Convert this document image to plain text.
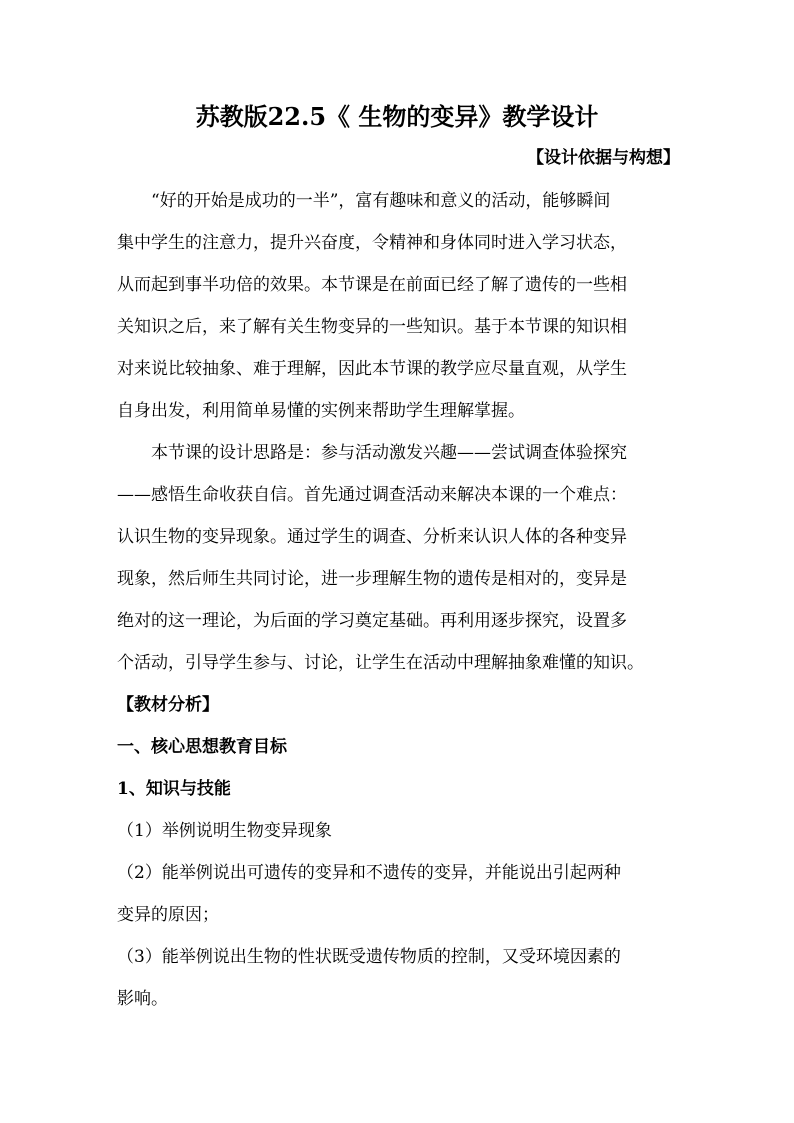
苏教版22.5《 生物的变异》教学设计
【设计依据与构想】
“好的开始是成功的一半”，富有趣味和意义的活动，能够瞬间
集中学生的注意力，提升兴奋度，令精神和身体同时进入学习状态，
从而起到事半功倍的效果。本节课是在前面已经了解了遗传的一些相
关知识之后，来了解有关生物变异的一些知识。基于本节课的知识相
对来说比较抽象、难于理解，因此本节课的教学应尽量直观，从学生
自身出发，利用简单易懂的实例来帮助学生理解掌握。
本节课的设计思路是：参与活动激发兴趣——尝试调查体验探究
——感悟生命收获自信。首先通过调查活动来解决本课的一个难点：
认识生物的变异现象。通过学生的调查、分析来认识人体的各种变异
现象，然后师生共同讨论，进一步理解生物的遗传是相对的，变异是
绝对的这一理论，为后面的学习奠定基础。再利用逐步探究，设置多
个活动，引导学生参与、讨论，让学生在活动中理解抽象难懂的知识。
【教材分析】
一、核心思想教育目标
1、知识与技能
（1）举例说明生物变异现象
（2）能举例说出可遗传的变异和不遗传的变异，并能说出引起两种
变异的原因；
（3）能举例说出生物的性状既受遗传物质的控制，又受环境因素的
影响。
